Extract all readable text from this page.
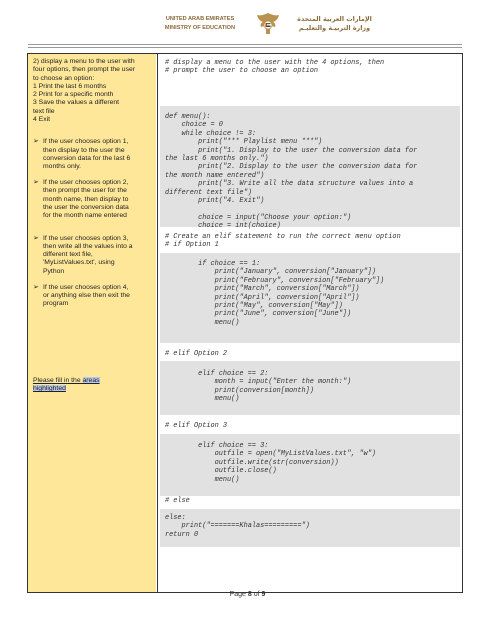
UNITED ARAB EMIRATES
MINISTRY OF EDUCATION
الإمارات العربية المتحدة
وزارة التربيـة والتعليـم

2) display a menu to the user with

four options, then prompt the user

to choose an option:

1 Print the last 6 months

2 Print for a specific month

3 Save the values a different

text file

4 Exit

➢ If the user chooses option 1,

then display to the user the

conversion data for the last 6

months only.

➢ If the user chooses option 2,

then prompt the user for the

month name, then display to

the user the conversion data

for the month name entered

➢ If the user chooses option 3,

then write all the values into a

different text file,

'MyListValues.txt', using

Python

➢ If the user chooses option 4,

or anything else then exit the

program

Please fill in the areas
highlighted
# display a menu to the user with the 4 options, then
# prompt the user to choose an option
def menu():
choice = 0
while choice != 3:
print("*** Playlist menu ***")
print("1. Display to the user the conversion data for
the last 6 months only.")
print("2. Display to the user the conversion data for
the month name entered")
print("3. Write all the data structure values into a
different text file")
print("4. Exit")

choice = input("Choose your option:")
choice = int(choice)
# Create an elif statement to run the correct menu option
# if Option 1
if choice == 1:
print("January", conversion["January"])
print("February", conversion["February"])
print("March", conversion["March"])
print("April", conversion["April"])
print("May", conversion["May"])
print("June", conversion["June"])
menu()
# elif Option 2
elif choice == 2:
month = input("Enter the month:")
print(conversion[month])
menu()
# elif Option 3
elif choice == 3:
outfile = open("MyListValues.txt", "w")
outfile.write(str(conversion))
outfile.close()
menu()
# else
else:
print("=======Khalas=========")
return 0
Page 8 of 9
